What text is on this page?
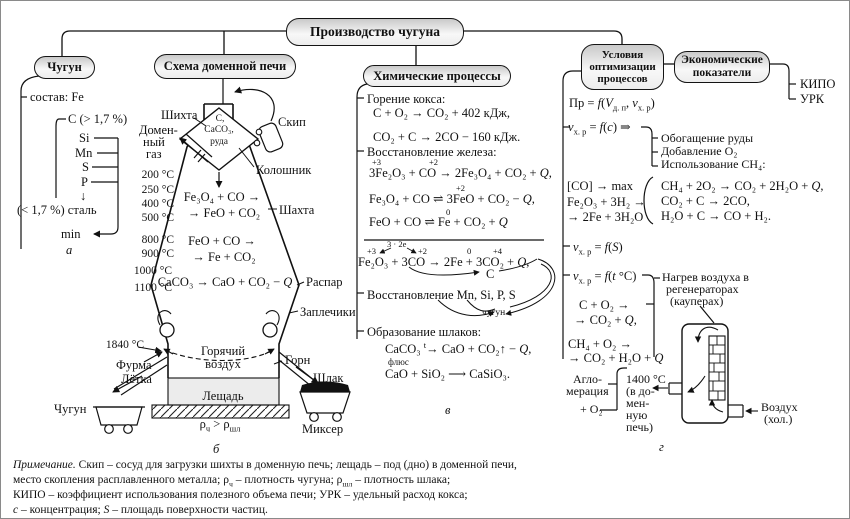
Производство чугуна
Чугун	Схема доменной печи
Химические процессы
Условия
оптимизации
процессов
Экономические
показатели
состав: Fe
C (> 1,7 %)
Si
Mn
S
P
↓
(< 1,7 %) сталь
min
а
Шихта
Домен-
ный
газ
Скип
C,
CaCO₃,
руда
Колошник
Шахта
200 °C
250 °C
400 °C
500 °C
800 °C
900 °C
1000 °C
1100 °C
1840 °C
Fe₃O₄ + CO →
→ FeO + CO₂
FeO + CO →
→ Fe + CO₂
CaCO₃ → CaO + CO₂ − Q Распар
Заплечики
Горячий
воздух
Фурма
Лётка
Горн
Шлак
Лещадь
$\rho_ч > \rho_{шл}$
Чугун
Миксер
б
Горение кокса:
C + O₂ → CO₂ + 402 кДж,
CO₂ + C → 2CO − 160 кДж.
Восстановление железа:
+3	+2
3Fe₂O₃ + CO → 2Fe₃O₄ + CO₂ + Q,
+2
Fe₃O₄ + CO ⇌ 3FeO + CO₂ − Q,
0
FeO + CO ⇌ Fe + CO₂ + Q
+3
3 · 2e
+2	0	+4
Fe₂O₃ + 3CO → 2Fe + 3CO₂ + Q,
C
Восстановление Mn, Si, P, S
чугун
Образование шлаков:
CaCO₃ $^t$→ CaO + CO₂↑ − Q,
флюс
CaO + SiO₂ ⟶ CaSiO₃.
в
Пр = $f(V_{д. п}$, $v_{х. р}$)
$v_{х. р} = f(c)$ ⇒
Обогащение руды
Добавление O₂
Использование CH₄:
[CO] → max
Fe₂O₃ + 3H₂ →
→ 2Fe + 3H₂O
CH₄ + 2O₂ → CO₂ + 2H₂O + Q,
CO₂ + C → 2CO,
H₂O + C → CO + H₂.
$v_{х. р} = f(S)$
$v_{х. р} = f(t$ °C) Нагрев воздуха в
регенераторах
(кауперах)
C + O₂ →
→ CO₂ + Q,
CH₄ + O₂ →
→ CO₂ + H₂O + Q
Агло-
мерация
+ O₂
1400 °C
(в до-
мен-
ную
печь)
Воздух
(хол.)
г
КИПО
УРК
Примечание. Скип – сосуд для загрузки шихты в доменную печь; лещадь – под (дно) в доменной печи,
место скопления расплавленного металла; $\rho_ч$ – плотность чугуна; $\rho_{шл}$ – плотность шлака;
КИПО – коэффициент использования полезного объема печи; УРК – удельный расход кокса;
c – концентрация; S – площадь поверхности частиц.
